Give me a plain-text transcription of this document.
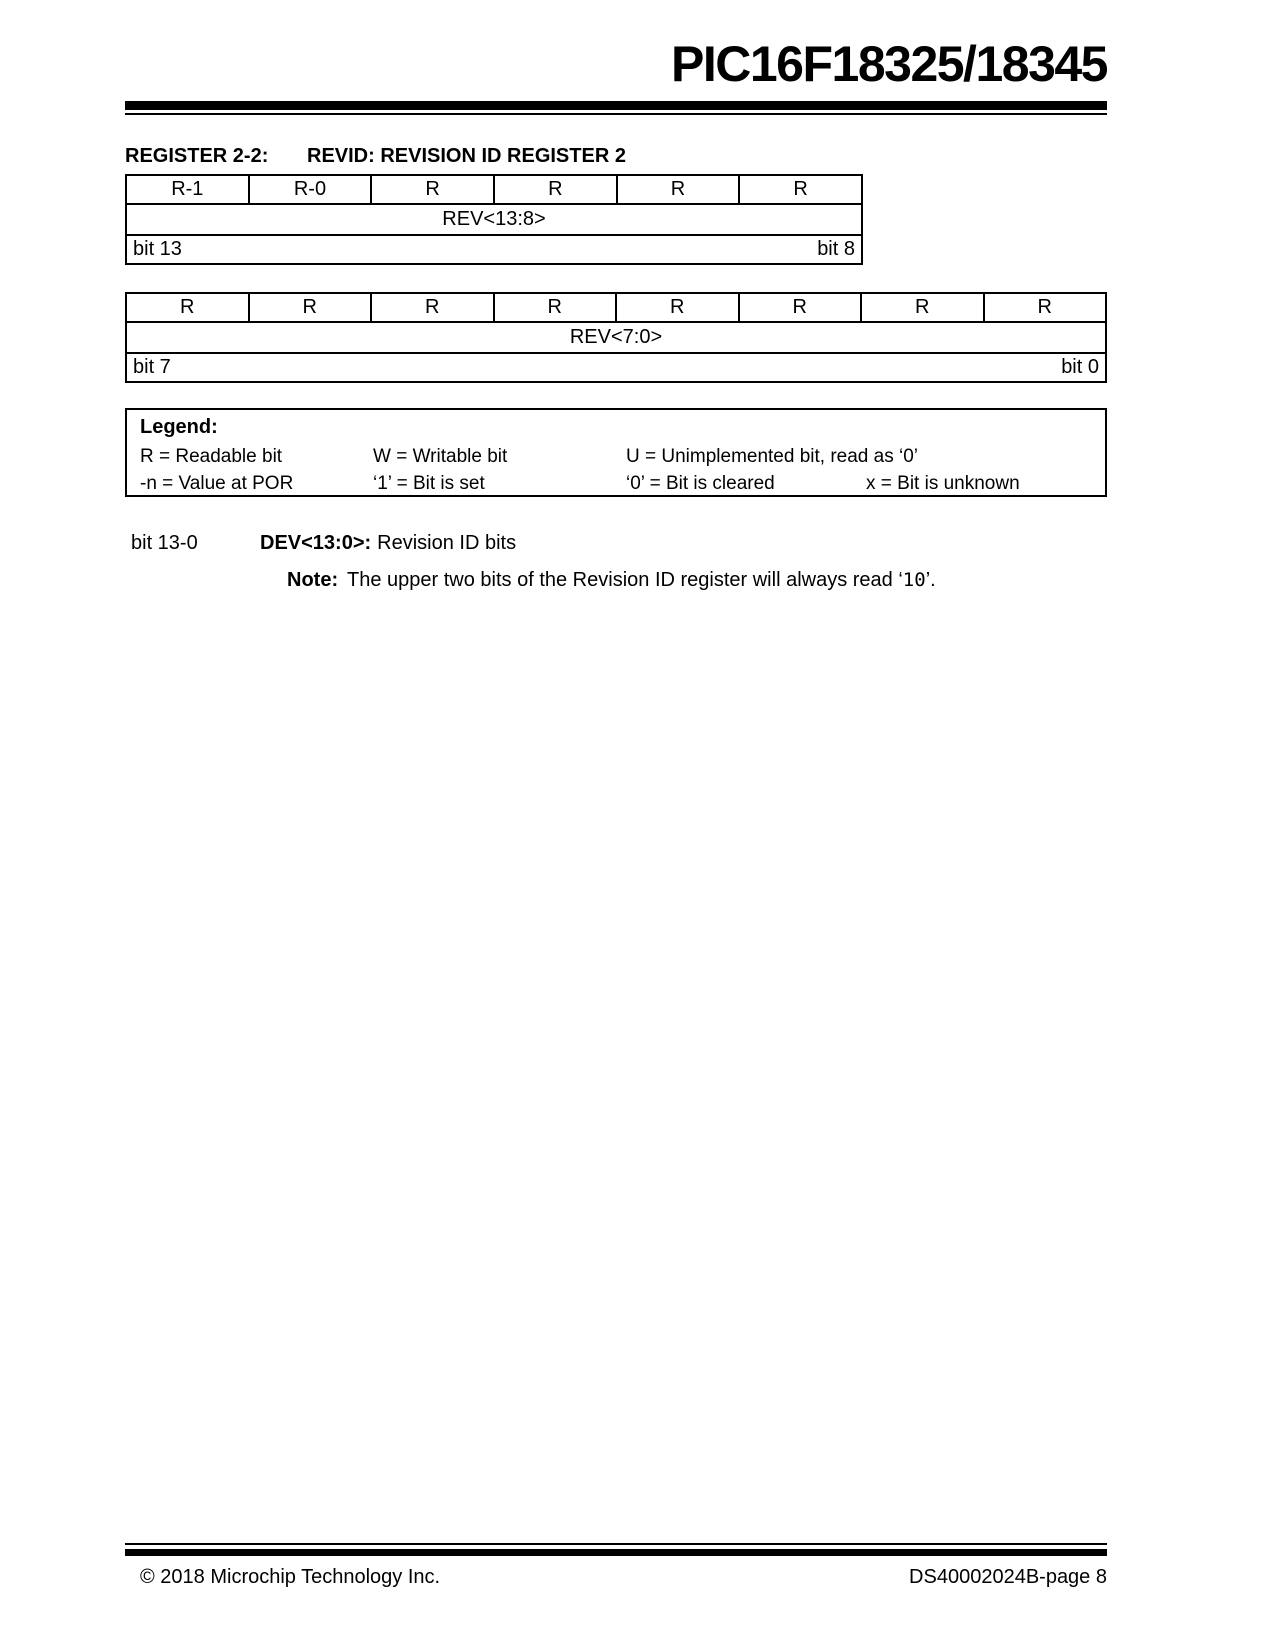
PIC16F18325/18345
REGISTER 2-2: REVID: REVISION ID REGISTER 2
R-1	R-0	R	R	R	R
REV<13:8>

bit 13	bit 8
R	R	R	R	R	R	R	R
REV<7:0>

bit 7	bit 0
Legend:
R = Readable bit	W = Writable bit	U = Unimplemented bit, read as ‘0’
-n = Value at POR	‘1’ = Bit is set	‘0’ = Bit is cleared	x = Bit is unknown
bit 13-0	DEV<13:0>: Revision ID bits
Note: The upper two bits of the Revision ID register will always read ‘10’.
© 2018 Microchip Technology Inc.	DS40002024B-page 8
